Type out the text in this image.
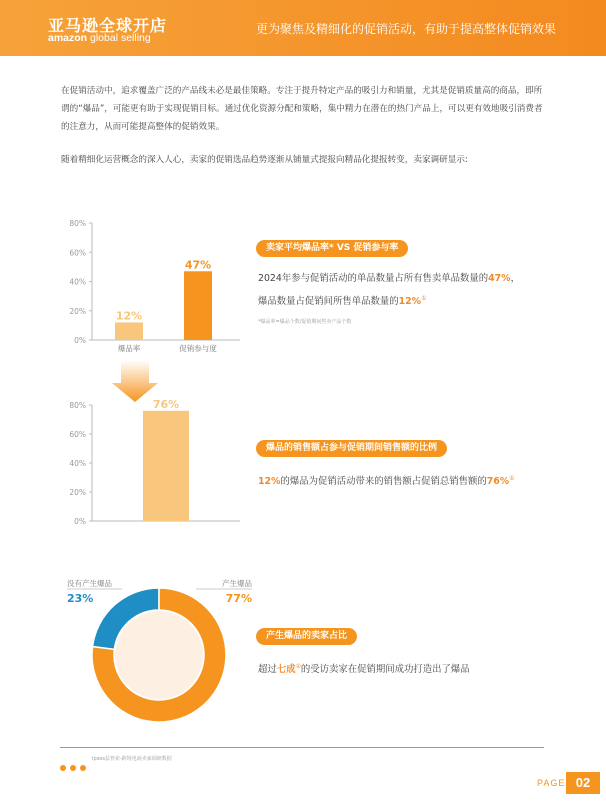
亚马逊全球开店
amazon global selling
更为聚焦及精细化的促销活动，有助于提高整体促销效果

在促销活动中，追求覆盖广泛的产品线未必是最佳策略。专注于提升特定产品的吸引力和销量，尤其是促销质量高的商品，即所谓的“爆品”，可能更有助于实现促销目标。通过优化资源分配和策略，集中精力在潜在的热门产品上，可以更有效地吸引消费者的注意力，从而可能提高整体的促销效果。

随着精细化运营概念的深入人心，卖家的促销选品趋势逐渐从铺量式提报向精品化提报转变，卖家调研显示:

0%
20%
40%
60%
80%
12%
爆品率
47%
促销参与度
0%
20%
40%
60%
80%	76%
没有产生爆品
23%
产生爆品
77%
卖家平均爆品率* VS 促销参与率
2024年参与促销活动的单品数量占所有售卖单品数量的47%，
爆品数量占促销间所售单品数量的12%①
*爆品率=爆品个数/促销期间售卖产品个数
爆品的销售额占参与促销期间销售额的比例
12%的爆品为促销活动带来的销售额占促销总销售额的76%①
产生爆品的卖家占比
超过七成①的受访卖家在促销期间成功打造出了爆品
Ipsos益普索-跨境电商卖家调研数据
PAGE 02
